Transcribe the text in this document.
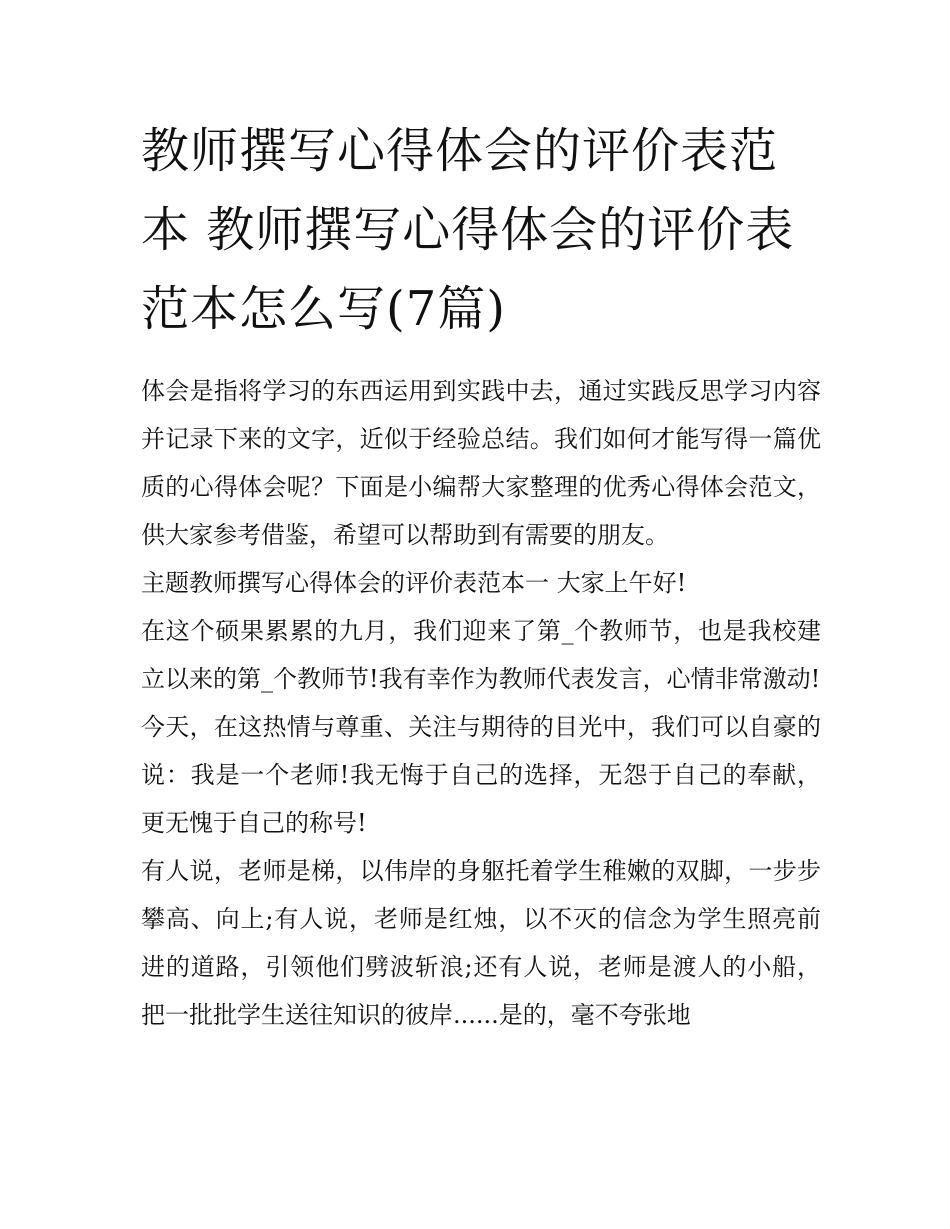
教师撰写心得体会的评价表范本 教师撰写心得体会的评价表范本怎么写(7篇)

体会是指将学习的东西运用到实践中去，通过实践反思学习内容并记录下来的文字，近似于经验总结。我们如何才能写得一篇优质的心得体会呢？下面是小编帮大家整理的优秀心得体会范文，供大家参考借鉴，希望可以帮助到有需要的朋友。

主题教师撰写心得体会的评价表范本一 大家上午好!

在这个硕果累累的九月，我们迎来了第_个教师节，也是我校建立以来的第_个教师节!我有幸作为教师代表发言，心情非常激动!

今天，在这热情与尊重、关注与期待的目光中，我们可以自豪的说：我是一个老师!我无悔于自己的选择，无怨于自己的奉献，更无愧于自己的称号!

有人说，老师是梯，以伟岸的身躯托着学生稚嫩的双脚，一步步攀高、向上;有人说，老师是红烛，以不灭的信念为学生照亮前进的道路，引领他们劈波斩浪;还有人说，老师是渡人的小船，把一批批学生送往知识的彼岸......是的，毫不夸张地
